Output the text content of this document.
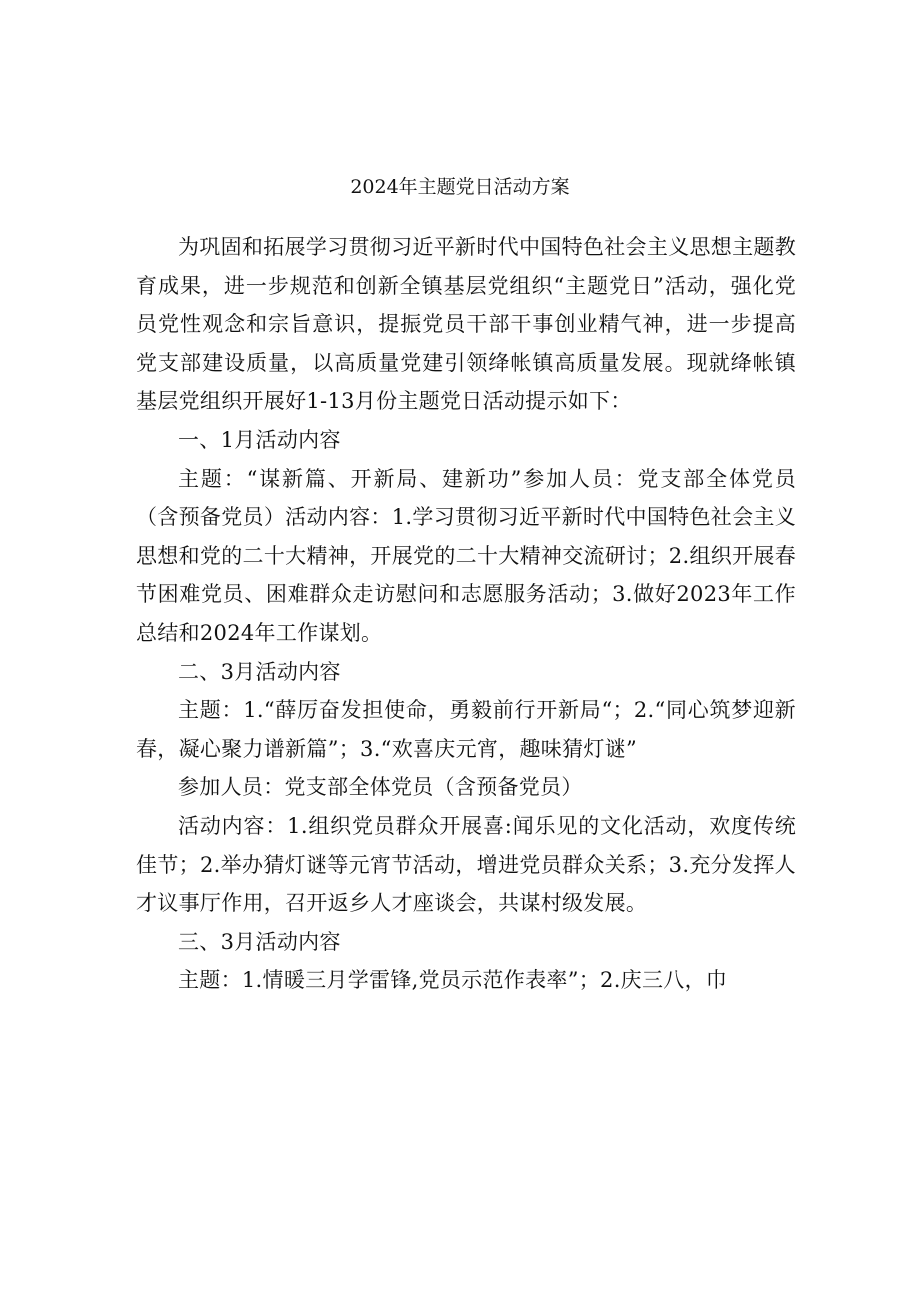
2024年主题党日活动方案

为巩固和拓展学习贯彻习近平新时代中国特色社会主义思想主题教育成果，进一步规范和创新全镇基层党组织“主题党日”活动，强化党员党性观念和宗旨意识，提振党员干部干事创业精气神，进一步提高党支部建设质量，以高质量党建引领绛帐镇高质量发展。现就绛帐镇基层党组织开展好1-13月份主题党日活动提示如下：

一、1月活动内容

主题：“谋新篇、开新局、建新功”参加人员：党支部全体党员（含预备党员）活动内容：1.学习贯彻习近平新时代中国特色社会主义思想和党的二十大精神，开展党的二十大精神交流研讨；2.组织开展春节困难党员、困难群众走访慰问和志愿服务活动；3.做好2023年工作总结和2024年工作谋划。

二、3月活动内容

主题：1.“薛厉奋发担使命，勇毅前行开新局“；2.“同心筑梦迎新春，凝心聚力谱新篇”；3.“欢喜庆元宵，趣味猜灯谜”

参加人员：党支部全体党员（含预备党员）

活动内容：1.组织党员群众开展喜:闻乐见的文化活动，欢度传统佳节；2.举办猜灯谜等元宵节活动，增进党员群众关系；3.充分发挥人才议事厅作用，召开返乡人才座谈会，共谋村级发展。

三、3月活动内容

主题：1.情暖三月学雷锋,党员示范作表率”；2.庆三八，巾
